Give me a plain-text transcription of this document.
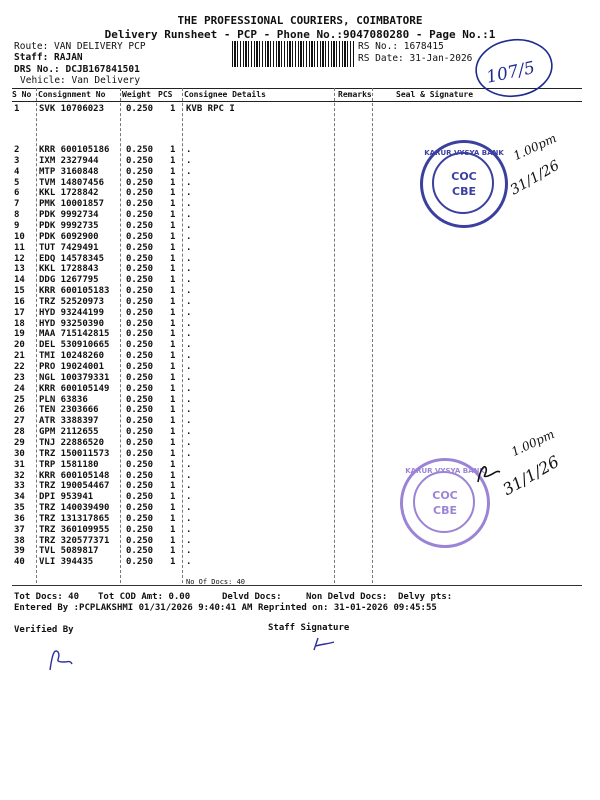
THE PROFESSIONAL COURIERS, COIMBATORE
Delivery Runsheet - PCP - Phone No.:9047080280 - Page No.:1
Route: VAN DELIVERY PCP
Staff: RAJAN
DRS No.: DCJB167841501
Vehicle: Van Delivery
RS No.: 1678415
RS Date: 31-Jan-2026
S No Consignment No Weight PCS Consignee Details	Remarks	Seal & Signature
1 SVK 10706023 0.250 1 KVB RPC I
2 KRR 600105186 0.250 1 .
3 IXM 2327944	0.250 1 .
4 MTP 3160848	0.250 1 .
5 TVM 14807456 0.250 1 .
6 KKL 1728842	0.250 1 .
7 PMK 10001857 0.250 1 .
8 PDK 9992734	0.250 1 .
9 PDK 9992735	0.250 1 .
10 PDK 6092900	0.250 1 .
11 TUT 7429491	0.250 1 .
12 EDQ 14578345 0.250 1 .
13 KKL 1728843	0.250 1 .
14 DDG 1267795	0.250 1 .
15 KRR 600105183 0.250 1 .
16 TRZ 52520973 0.250 1 .
17 HYD 93244199 0.250 1 .
18 HYD 93250390 0.250 1 .
19 MAA 715142815 0.250 1 .
20 DEL 530910665 0.250 1 .
21 TMI 10248260 0.250 1 .
22 PRO 19024001 0.250 1 .
23 NGL 100379331 0.250 1 .
24 KRR 600105149 0.250 1 .
25 PLN 63836	0.250 1 .
26 TEN 2303666	0.250 1 .
27 ATR 3388397	0.250 1 .
28 GPM 2112655	0.250 1 .
29 TNJ 22886520 0.250 1 .
30 TRZ 150011573 0.250 1 .
31 TRP 1581180	0.250 1 .
32 KRR 600105148 0.250 1 .
33 TRZ 190054467 0.250 1 .
34 DPI 953941	0.250 1 .
35 TRZ 140039490 0.250 1 .
36 TRZ 131317865 0.250 1 .
37 TRZ 360109955 0.250 1 .
38 TRZ 320577371 0.250 1 .
39 TVL 5089817	0.250 1 .
40 VLI 394435	0.250 1 .
No Of Docs: 40
Tot Docs: 40 Tot COD Amt: 0.00	Delvd Docs:	Non Delvd Docs: Delvy pts:
Entered By :PCPLAKSHMI 01/31/2026 9:40:41 AM Reprinted on: 31-01-2026 09:45:55
Verified By	Staff Signature
107/5
KARUR VYSYA BANK
COC
CBE
KARUR VYSYA BANK
COC
CBE
1.00pm
31/1/26
1.00pm
31/1/26
